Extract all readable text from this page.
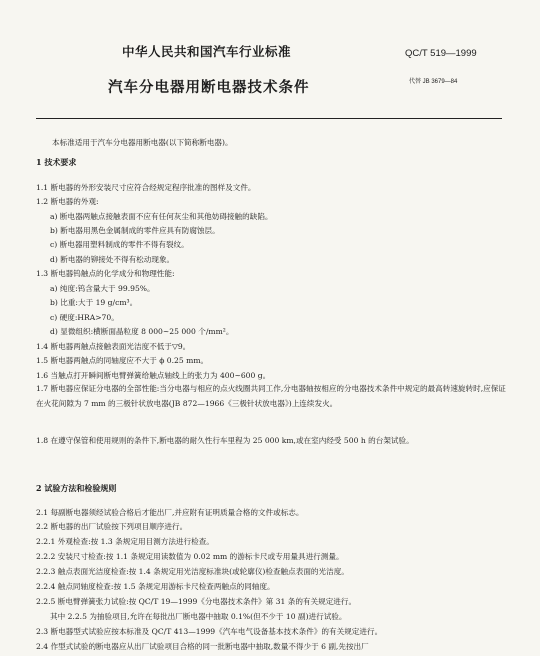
中华人民共和国汽车行业标准	QC/T 519—1999
汽车分电器用断电器技术条件	代替 JB 3679—84
本标准适用于汽车分电器用断电器(以下简称断电器)。
1 技术要求
1.1 断电器的外形安装尺寸应符合经规定程序批准的图样及文件。
1.2 断电器的外观:
a) 断电器两触点接触表面不应有任何灰尘和其他妨碍接触的缺陷。
b) 断电器用黑色金属制成的零件应具有防腐蚀层。
c) 断电器用塑料制成的零件不得有裂纹。
d) 断电器的铆接处不得有松动现象。
1.3 断电器钨触点的化学成分和物理性能:
a) 纯度:钨含量大于 99.95%。
b) 比重:大于 19 g/cm³。
c) 硬度:HRA>70。
d) 显微组织:横断面晶粒度 8 000~25 000 个/mm²。
1.4 断电器两触点接触表面光洁度不低于▽9。
1.5 断电器两触点的同轴度应不大于 ϕ 0.25 mm。
1.6 当触点打开瞬间断电臂弹簧给触点轴线上的张力为 400~600 g。
1.7 断电器应保证分电器的全部性能:当分电器与相应的点火线圈共同工作,分电器轴按相应的分电器技术条件中规定的最高转速旋转时,应保证在火花间隙为 7 mm 的三极针状放电器(JB 872—1966《三极针状放电器》)上连续发火。
1.8 在遵守保管和使用规则的条件下,断电器的耐久性行车里程为 25 000 km,或在室内经受 500 h 的台架试验。
2 试验方法和检验规则
2.1 每副断电器须经试验合格后才能出厂,并应附有证明质量合格的文件或标志。
2.2 断电器的出厂试验按下列项目顺序进行。
2.2.1 外观检查:按 1.3 条规定用目测方法进行检查。
2.2.2 安装尺寸检查:按 1.1 条规定用读数值为 0.02 mm 的游标卡尺或专用量具进行测量。
2.2.3 触点表面光洁度检查:按 1.4 条规定用光洁度标准块(或轮廓仪)检查触点表面的光洁度。
2.2.4 触点同轴度检查:按 1.5 条规定用游标卡尺检查两触点的同轴度。
2.2.5 断电臂弹簧张力试验:按 QC/T 19—1999《分电器技术条件》第 31 条的有关规定进行。
其中 2.2.5 为抽验项目,允许在每批出厂断电器中抽取 0.1%(但不少于 10 副)进行试验。
2.3 断电器型式试验应按本标准及 QC/T 413—1999《汽车电气设备基本技术条件》的有关规定进行。
2.4 作型式试验的断电器应从出厂试验项目合格的同一批断电器中抽取,数量不得少于 6 副,先按出厂
